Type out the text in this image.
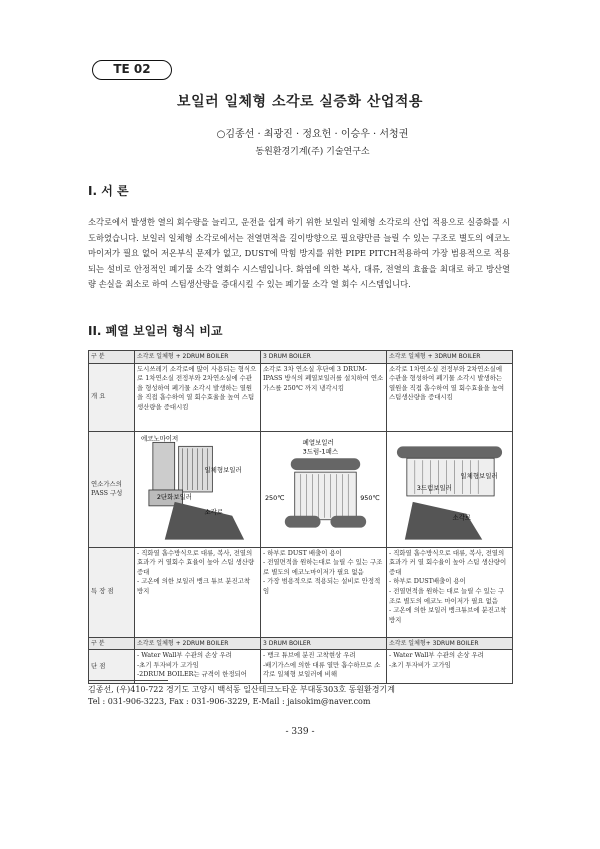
TE 02
보일러 일체형 소각로 실증화 산업적용
○김종선 · 최광진 · 정요헌 · 이승우 · 서청권
동원환경기계(주) 기술연구소
I. 서 론
소각로에서 발생한 열의 회수량을 늘리고, 운전을 쉽게 하기 위한 보일러 일체형 소각로의 산업 적용으로 실증화를 시도하였습니다. 보일러 일체형 소각로에서는 전열면적을 길이방향으로 필요량만큼 늘릴 수 있는 구조로 별도의 에코노마이저가 필요 없어 저온부식 문제가 없고, DUST에 막힘 방지를 위한 PIPE PITCH적용하여 가장 범용적으로 적용되는 설비로 안정적인 폐기물 소각 열회수 시스템입니다. 화염에 의한 복사, 대류, 전열의 효율을 최대로 하고 방산열량 손실을 최소로 하여 스팀생산량을 증대시킬 수 있는 폐기물 소각 열 회수 시스템입니다.
II. 폐열 보일러 형식 비교
구 분	소각로 일체형 + 2DRUM BOILER	3 DRUM BOILER	소각로 일체형 + 3DRUM BOILER
개 요	도시쓰레기 소각로에 많이 사용되는 형식으로 1차연소실 전정부와 2차연소실에 수관을 형성하여 폐기물 소각시 발생하는 열원을 직접 흡수하여 열 회수효율을 높여 스팀생산량을 증대시킴	소각로 3차 연소실 후단에 3 DRUM-IPASS 방식의 폐열보일러를 설치하여 연소 가스를 250℃ 까지 냉각시킴	소각로 1차연소실 전정부와 2차연소실에 수관을 형성하여 폐기물 소각시 발생하는 열원을 직접 흡수하여 열 회수효율을 높여 스팀생산량을 증대시킴
연소가스의 PASS 구성	에코노마이저
일체형보일러
2단화보일러
소각로	폐열보일러
3드럼-1패스
950℃
250℃	일체형보일러
3드럼보일러
소각로

특 장 점	- 직화열 흡수방식으로 대류, 복사, 전열의 효과가 커 열회수 효율이 높아 스팀 생산량 증대
- 고온에 의한 보일러 뱅크 튜브 분진고착 방지	- 하부로 DUST 배출이 용이
- 전열면적을 원하는대로 늘릴 수 있는 구조로 별도의 에코노마이저가 필요 없음
- 가장 범용적으로 적용되는 설비로 안정적임	- 직화열 흡수방식으로 대류, 복사, 전열의 효과가 커 열 회수율이 높아 스팀 생산량이 증대
- 하부로 DUST배출이 용이
- 전열면적을 원하는 대로 늘릴 수 있는 구조로 별도의 에코노 마이저가 필요 없음
- 고온에 의한 보일러 뱅크튜브에 분진고착 방지
구 분	소각로 일체형 + 2DRUM BOILER	3 DRUM BOILER	소각로 일체형+ 3DRUM BOILER
단 점	- Water Wall부 수관의 손상 우려
-초기 투자비가 고가임
-2DRUM BOILER는 규격이 한정되어	- 뱅크 튜브에 분진 고착현상 우려
-배기가스에 의한 대류 열만 흡수하므로 소각로 일체형 보일러에 비해	- Water Wall부 수관의 손상 우려
-초기 투자비가 고가임
김종선, (우)410-722 경기도 고양시 백석동 일산테크노타운 부대동303호 동원환경기계
Tel : 031-906-3223, Fax : 031-906-3229, E-Mail : jaisokim@naver.com
- 339 -
